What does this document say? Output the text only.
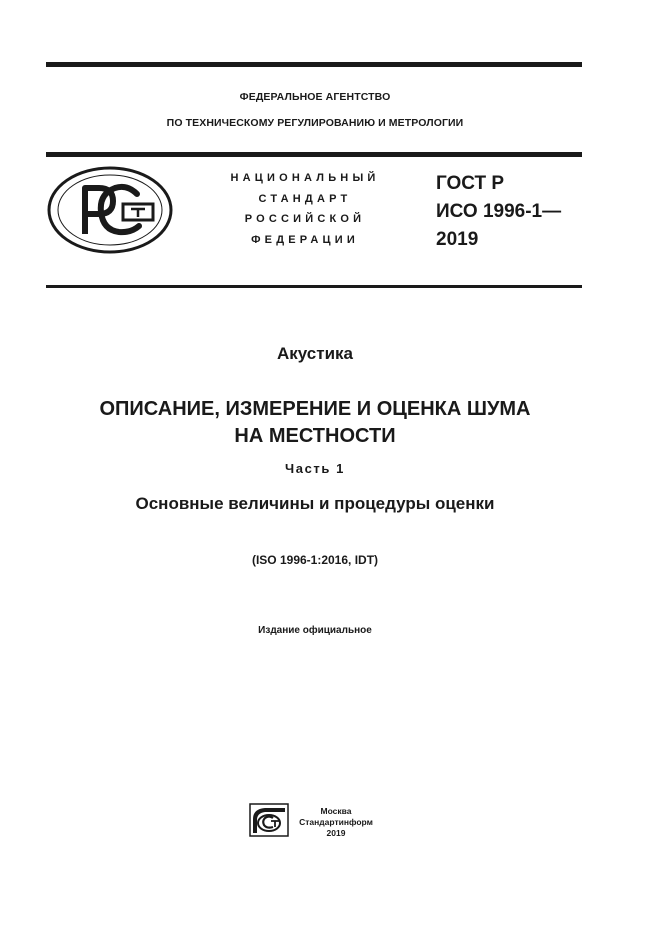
ФЕДЕРАЛЬНОЕ АГЕНТСТВО
ПО ТЕХНИЧЕСКОМУ РЕГУЛИРОВАНИЮ И МЕТРОЛОГИИ
НАЦИОНАЛЬНЫЙ
СТАНДАРТ
РОССИЙСКОЙ
ФЕДЕРАЦИИ
ГОСТ Р
ИСО 1996-1—
2019
Акустика
ОПИСАНИЕ, ИЗМЕРЕНИЕ И ОЦЕНКА ШУМА
НА МЕСТНОСТИ
Часть 1
Основные величины и процедуры оценки
(ISO 1996-1:2016, IDT)
Издание официальное
Москва
Стандартинформ
2019
